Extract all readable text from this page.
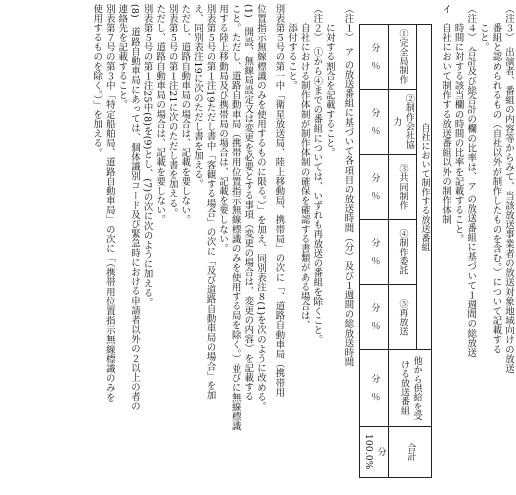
（注３）　出演者、番組の内容等からみて、当該放送事業者の放送対象地域向けの放送

　　番組と認められるもの（自社以外が制作したものを含む。）について記載する

　　こと。

（注４）　合計及び総合計の欄の比率は、ア の放送番組に基づいて１週間の総放送

　　時間に対する該当欄の時間の比率を記載すること。

イ　自社において制作する放送番組以外の制作体制

自社において制作する放送番組	他から供給を受ける放送番組	合計
①完全局制作	②制作会社協力	③共同制作	④制作委託	⑤再放送
分　％	分　％	分　％	分　％	分　％	分　％	分
100.0%

（注１）　ア の放送番組に基づいて各項目の放送時間（分）及び１週間の総放送時間

　　に対する割合を記載すること。

（注２）　①から④までの番組については、いずれも再放送の番組を除くこと。

　　自社における制作体制が制作体制の確保を確認する書類がある場合は、

　　添付すること。

別表第５号の第一中「衛星放送局、陸上移動局、携帯局」の次に「、道路自動車局（携帯用

位置指示無線標識のみを使用するものに限る。）」を加え、同別表注８(1)を次のように改める。

(1)　開設、無線局設定又は変更を必要とする事項（変更の場合は、変更の内容）を記載する

こと。ただし、道路自動車局（携帯用位置指示無線標識のみを使用する局を除く。）並びに無線標識

用する陸上移動局及び携帯局の場合は、記載を要しない。

別表第５号の第１注19ただし書中「客観する場合」の次に「及び道路自動車局の場合」を加

え、同別表注19に次のただし書を加える。

ただし、道路自動車局の場合は、記載を要しない。

別表第５号の第１注21に次のただし書を加える。

ただし、道路自動車局の場合は、記載を要しない。

別表第５号の第１注25中(8)を(9)とし、(7)の次に次のように加える。

(8)　道路自動車局にあっては、個体識別コード及び緊急時における申請者以外の２以上の者の

連絡先を記載すること。

別表第７号の第３中「特定船舶局、道路自動車局」の次に「（携帯用位置指示無線標識のみを

使用するものを除く。）」を加える。
